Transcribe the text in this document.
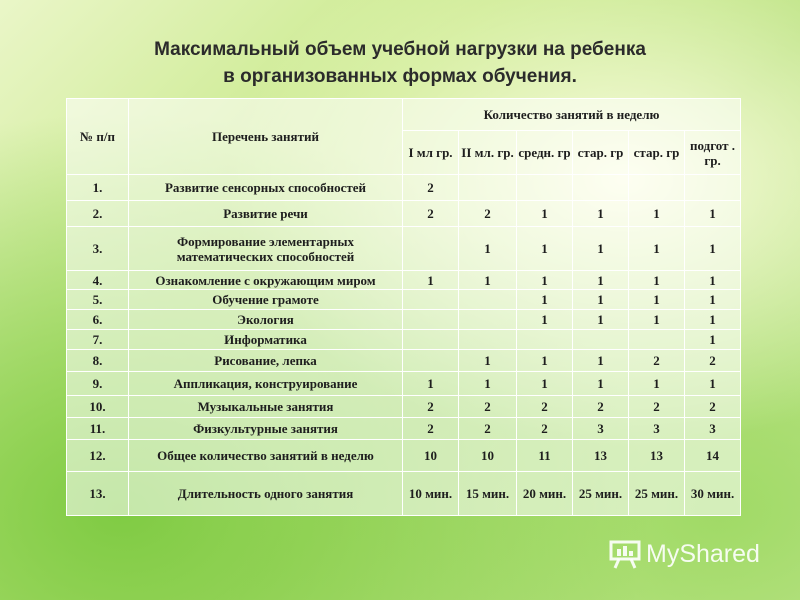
Максимальный объем учебной нагрузки на ребенка
в организованных формах обучения.
№ п/п	Перечень занятий	Количество занятий в неделю					
		I мл гр.	II мл. гр.	средн. гр	стар. гр	стар. гр	подгот . гр.
1.	Развитие сенсорных способностей	2					
2.	Развитие речи	2	2	1	1	1	1
3.	Формирование элементарных математических способностей		1	1	1	1	1
4.	Ознакомление с окружающим миром	1	1	1	1	1	1
5.	Обучение грамоте			1	1	1	1
6.	Экология			1	1	1	1
7.	Информатика						1
8.	Рисование, лепка		1	1	1	2	2
9.	Аппликация, конструирование	1	1	1	1	1	1
10.	Музыкальные занятия	2	2	2	2	2	2
11.	Физкультурные занятия	2	2	2	3	3	3
12.	Общее количество занятий в неделю	10	10	11	13	13	14
13.	Длительность одного занятия	10 мин.	15 мин.	20 мин.	25 мин.	25 мин.	30 мин.
MyShared
